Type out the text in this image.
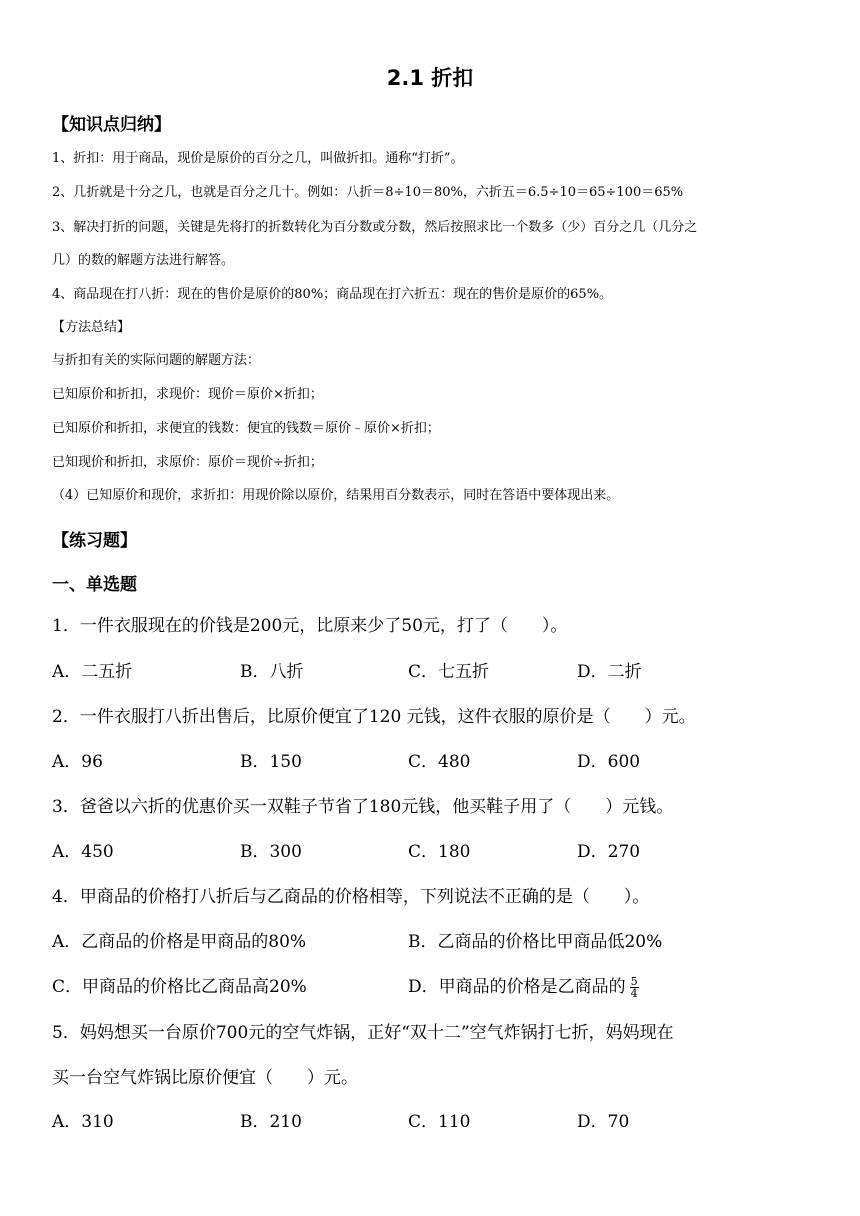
2.1 折扣
【知识点归纳】
1、折扣：用于商品，现价是原价的百分之几，叫做折扣。通称“打折”。
2、几折就是十分之几，也就是百分之几十。例如：八折＝8÷10＝80%，六折五＝6.5÷10＝65÷100＝65%
3、解决打折的问题，关键是先将打的折数转化为百分数或分数，然后按照求比一个数多（少）百分之几（几分之
几）的数的解题方法进行解答。
4、商品现在打八折：现在的售价是原价的80%；商品现在打六折五：现在的售价是原价的65%。
【方法总结】
与折扣有关的实际问题的解题方法：
已知原价和折扣，求现价：现价＝原价×折扣；
已知原价和折扣，求便宜的钱数：便宜的钱数＝原价﹣原价×折扣；
已知现价和折扣，求原价：原价＝现价÷折扣；
（4）已知原价和现价，求折扣：用现价除以原价，结果用百分数表示，同时在答语中要体现出来。
【练习题】
一、单选题
1．一件衣服现在的价钱是200元，比原来少了50元，打了（　　）。
A．二五折	B．八折	C．七五折	D．二折
2．一件衣服打八折出售后，比原价便宜了120 元钱，这件衣服的原价是（　　）元。
A．96	B．150	C．480	D．600
3．爸爸以六折的优惠价买一双鞋子节省了180元钱，他买鞋子用了（　　）元钱。
A．450	B．300	C．180	D．270
4．甲商品的价格打八折后与乙商品的价格相等，下列说法不正确的是（　　）。
A．乙商品的价格是甲商品的80%	B．乙商品的价格比甲商品低20%
C．甲商品的价格比乙商品高20%	D．甲商品的价格是乙商品的 $\frac{5}{4}$
5．妈妈想买一台原价700元的空气炸锅，正好“双十二”空气炸锅打七折，妈妈现在
买一台空气炸锅比原价便宜（　　）元。
A．310	B．210	C．110	D．70
